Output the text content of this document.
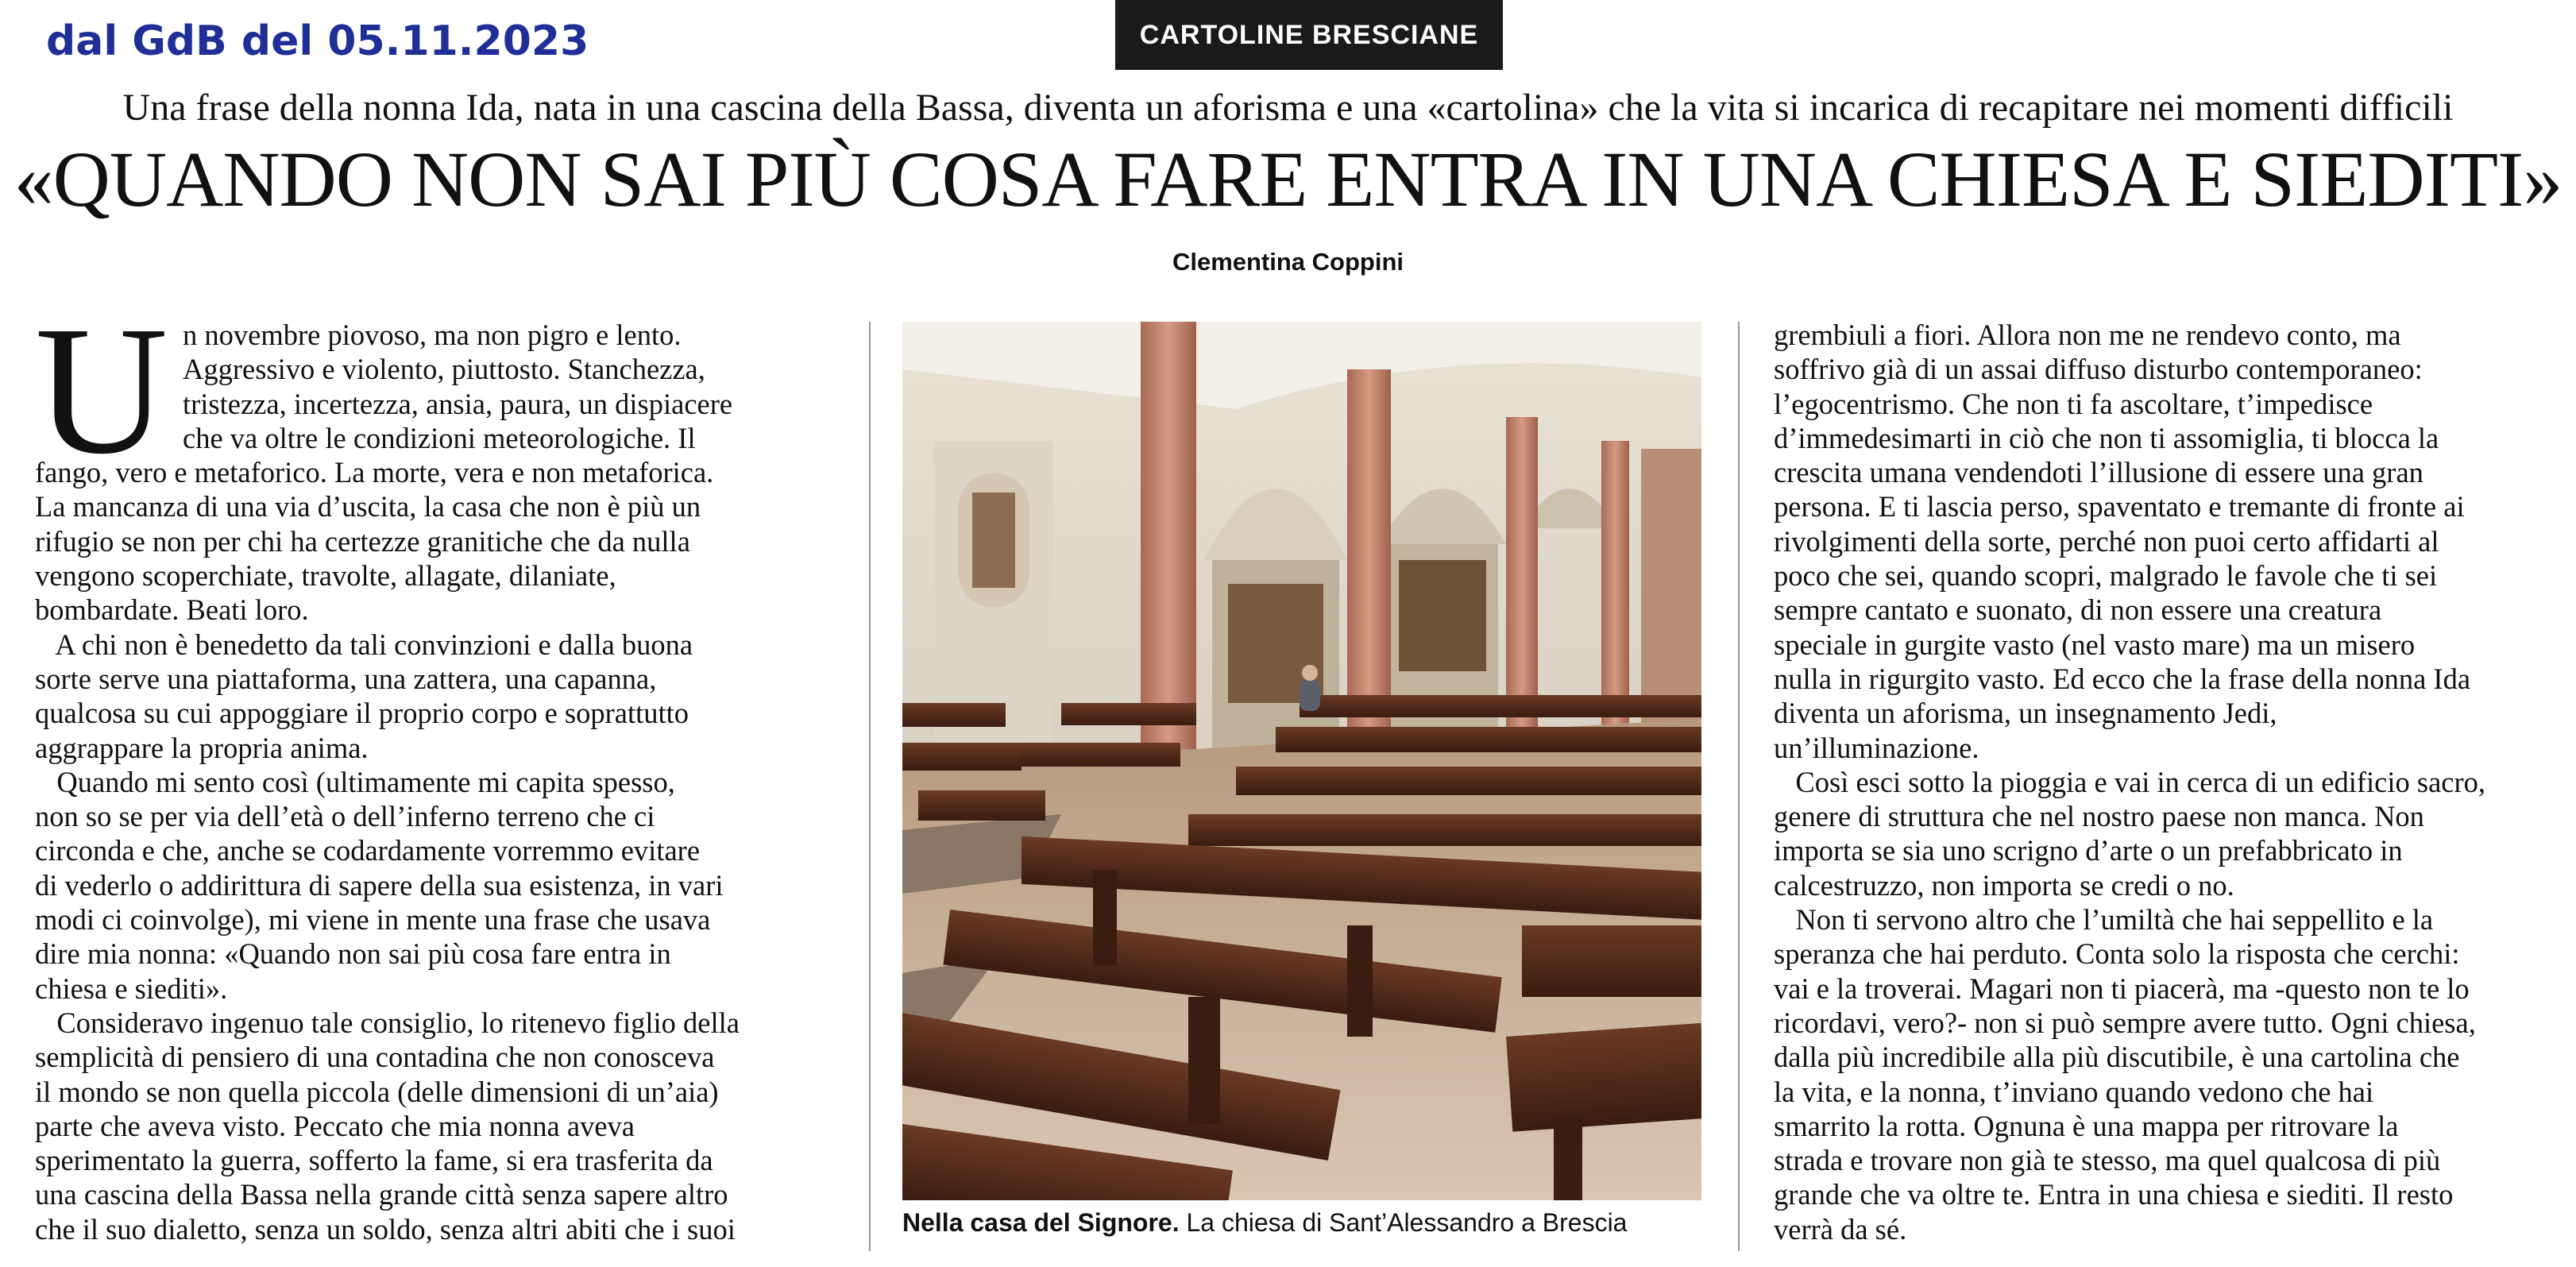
dal GdB del 05.11.2023	CARTOLINE BRESCIANE
Una frase della nonna Ida, nata in una cascina della Bassa, diventa un aforisma e una «cartolina» che la vita si incarica di recapitare nei momenti difficili
«QUANDO NON SAI PIÙ COSA FARE ENTRA IN UNA CHIESA E SIEDITI»
Clementina Coppini
U n novembre piovoso, ma non pigro e lento.

Aggressivo e violento, piuttosto. Stanchezza,

tristezza, incertezza, ansia, paura, un dispiacere

che va oltre le condizioni meteorologiche. Il

fango, vero e metaforico. La morte, vera e non metaforica.

La mancanza di una via d’uscita, la casa che non è più un

rifugio se non per chi ha certezze granitiche che da nulla

vengono scoperchiate, travolte, allagate, dilaniate,

bombardate. Beati loro.

A chi non è benedetto da tali convinzioni e dalla buona

sorte serve una piattaforma, una zattera, una capanna,

qualcosa su cui appoggiare il proprio corpo e soprattutto

aggrappare la propria anima.

Quando mi sento così (ultimamente mi capita spesso,

non so se per via dell’età o dell’inferno terreno che ci

circonda e che, anche se codardamente vorremmo evitare

di vederlo o addirittura di sapere della sua esistenza, in vari

modi ci coinvolge), mi viene in mente una frase che usava

dire mia nonna: «Quando non sai più cosa fare entra in

chiesa e siediti».

Consideravo ingenuo tale consiglio, lo ritenevo figlio della

semplicità di pensiero di una contadina che non conosceva

il mondo se non quella piccola (delle dimensioni di un’aia)

parte che aveva visto. Peccato che mia nonna aveva

sperimentato la guerra, sofferto la fame, si era trasferita da

una cascina della Bassa nella grande città senza sapere altro

che il suo dialetto, senza un soldo, senza altri abiti che i suoi	Nella casa del Signore. La chiesa di Sant’Alessandro a Brescia

grembiuli a fiori. Allora non me ne rendevo conto, ma

soffrivo già di un assai diffuso disturbo contemporaneo:

l’egocentrismo. Che non ti fa ascoltare, t’impedisce

d’immedesimarti in ciò che non ti assomiglia, ti blocca la

crescita umana vendendoti l’illusione di essere una gran

persona. E ti lascia perso, spaventato e tremante di fronte ai

rivolgimenti della sorte, perché non puoi certo affidarti al

poco che sei, quando scopri, malgrado le favole che ti sei

sempre cantato e suonato, di non essere una creatura

speciale in gurgite vasto (nel vasto mare) ma un misero

nulla in rigurgito vasto. Ed ecco che la frase della nonna Ida

diventa un aforisma, un insegnamento Jedi,

un’illuminazione.

Così esci sotto la pioggia e vai in cerca di un edificio sacro,

genere di struttura che nel nostro paese non manca. Non

importa se sia uno scrigno d’arte o un prefabbricato in

calcestruzzo, non importa se credi o no.

Non ti servono altro che l’umiltà che hai seppellito e la

speranza che hai perduto. Conta solo la risposta che cerchi:

vai e la troverai. Magari non ti piacerà, ma -questo non te lo

ricordavi, vero?- non si può sempre avere tutto. Ogni chiesa,

dalla più incredibile alla più discutibile, è una cartolina che

la vita, e la nonna, t’inviano quando vedono che hai

smarrito la rotta. Ognuna è una mappa per ritrovare la

strada e trovare non già te stesso, ma quel qualcosa di più

grande che va oltre te. Entra in una chiesa e siediti. Il resto

verrà da sé.
